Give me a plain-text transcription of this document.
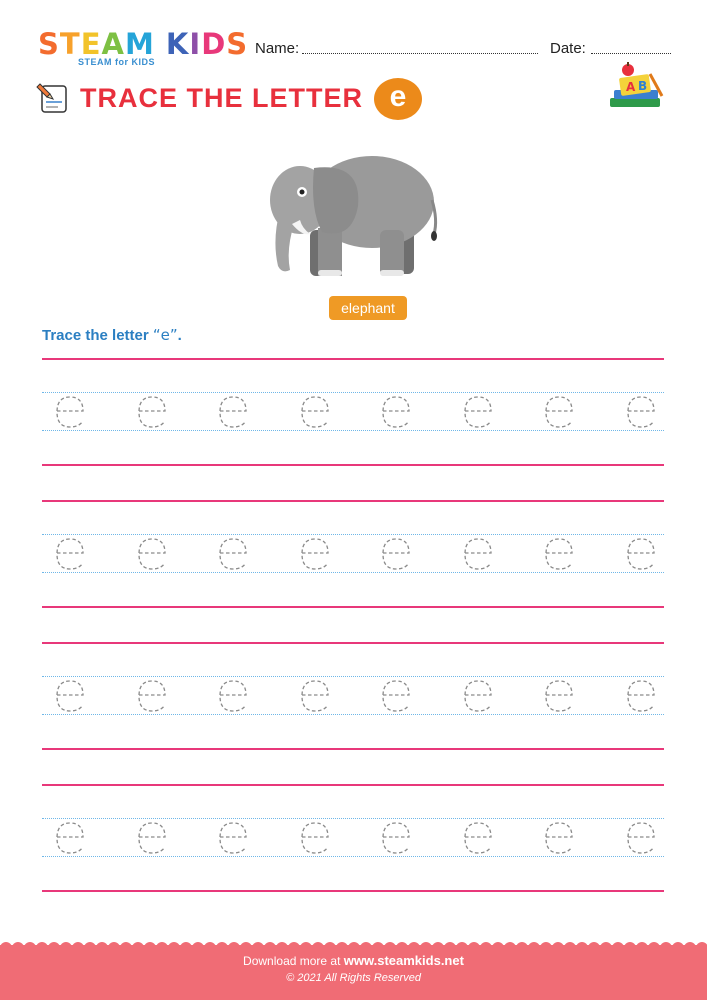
STEAM KIDS
STEAM for KIDS
Name:	Date:
A B
TRACE THE LETTER e
elephant
Trace the letter “e”.
Download more at www.steamkids.net
© 2021 All Rights Reserved
